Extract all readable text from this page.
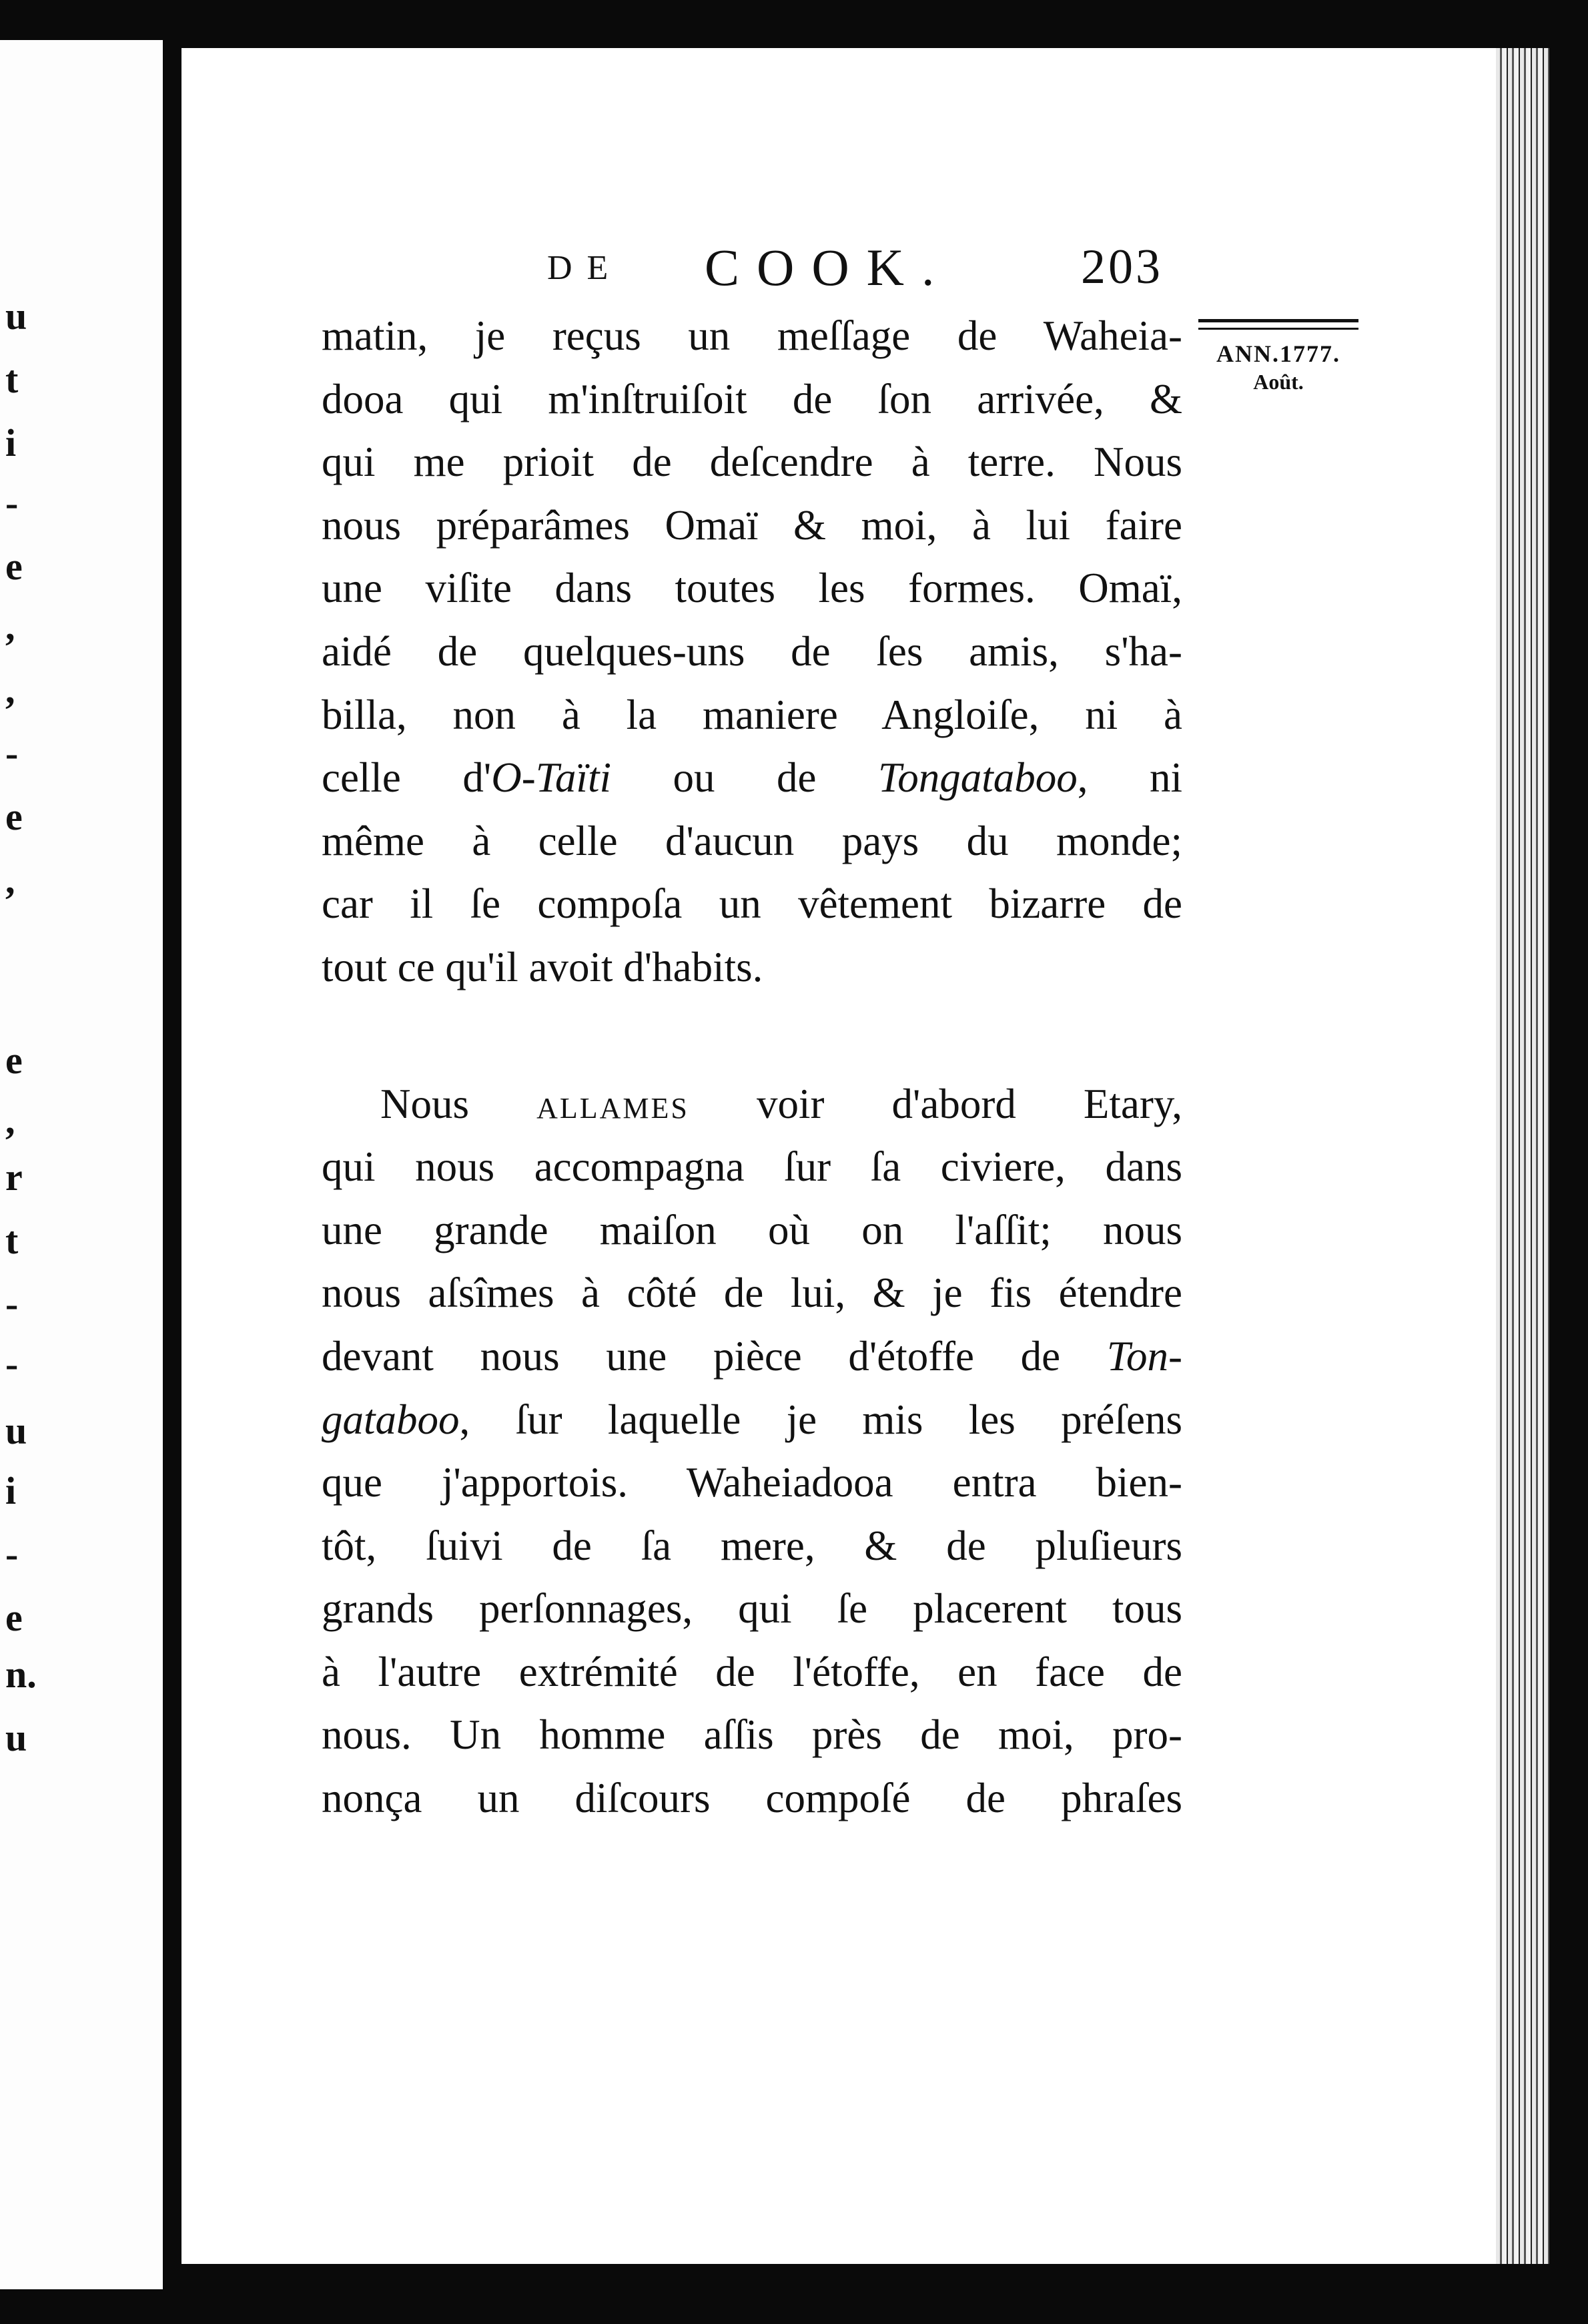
u
t
i
-
e
,
,
-
e
,
e
,
r
t
-
-
u
i
-
e
n.
u
DE COOK.	203
ANN.1777.
Août.
matin, je reçus un meſſage de Waheia-
dooa qui m'inſtruiſoit de ſon arrivée, &
qui me prioit de deſcendre à terre. Nous
nous préparâmes Omaï & moi, à lui faire
une viſite dans toutes les formes. Omaï,
aidé de quelques-uns de ſes amis, s'ha-
billa, non à la maniere Angloiſe, ni à
celle d'O-Taïti ou de Tongataboo, ni
même à celle d'aucun pays du monde;
car il ſe compoſa un vêtement bizarre de
tout ce qu'il avoit d'habits.
Nous allames voir d'abord Etary,
qui nous accompagna ſur ſa civiere, dans
une grande maiſon où on l'aſſit; nous
nous aſsîmes à côté de lui, & je fis étendre
devant nous une pièce d'étoffe de Ton-
gataboo, ſur laquelle je mis les préſens
que j'apportois. Waheiadooa entra bien-
tôt, ſuivi de ſa mere, & de pluſieurs
grands perſonnages, qui ſe placerent tous
à l'autre extrémité de l'étoffe, en face de
nous. Un homme aſſis près de moi, pro-
nonça un diſcours compoſé de phraſes
